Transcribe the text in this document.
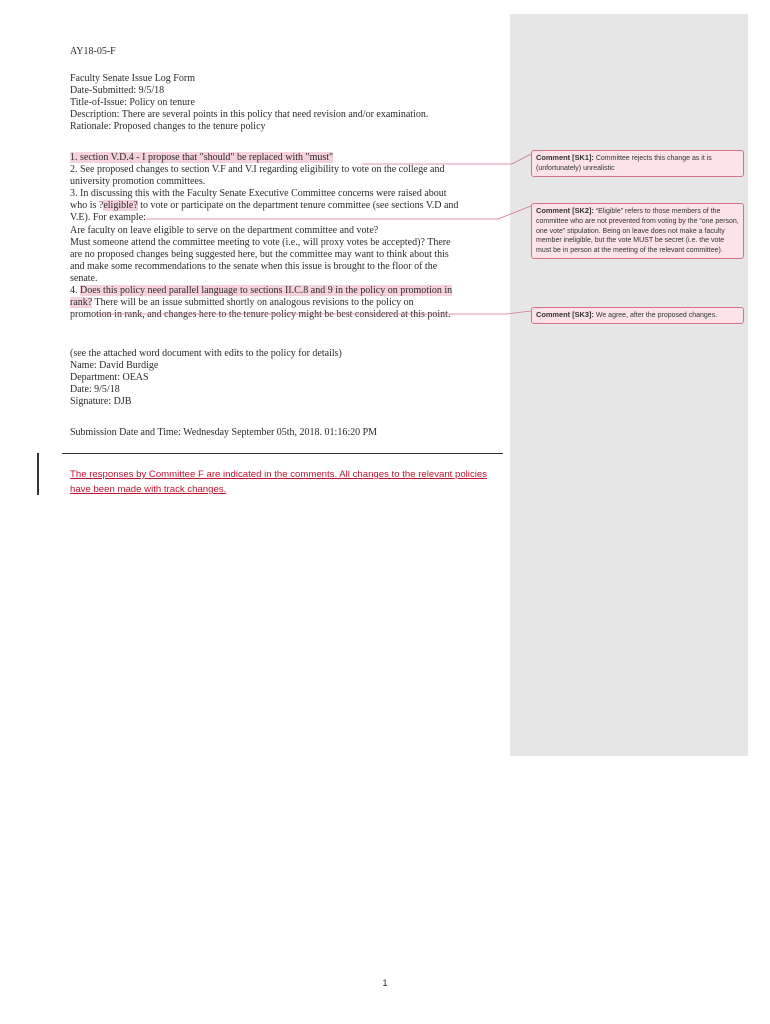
AY18-05-F
Faculty Senate Issue Log Form
Date-Submitted: 9/5/18
Title-of-Issue: Policy on tenure
Description: There are several points in this policy that need revision and/or examination.
Rationale: Proposed changes to the tenure policy
1. section V.D.4 - I propose that "should" be replaced with "must"
2. See proposed changes to section V.F and V.I regarding eligibility to vote on the college and
university promotion committees.
3. In discussing this with the Faculty Senate Executive Committee concerns were raised about
who is ?eligible? to vote or participate on the department tenure committee (see sections V.D and
V.E). For example:
Are faculty on leave eligible to serve on the department committee and vote?
Must someone attend the committee meeting to vote (i.e., will proxy votes be accepted)? There
are no proposed changes being suggested here, but the committee may want to think about this
and make some recommendations to the senate when this issue is brought to the floor of the
senate.
4. Does this policy need parallel language to sections II.C.8 and 9 in the policy on promotion in
rank? There will be an issue submitted shortly on analogous revisions to the policy on
promotion in rank, and changes here to the tenure policy might be best considered at this point.
(see the attached word document with edits to the policy for details)
Name: David Burdige
Department: OEAS
Date: 9/5/18
Signature: DJB
Submission Date and Time: Wednesday September 05th, 2018. 01:16:20 PM
The responses by Committee F are indicated in the comments. All changes to the relevant policies have been made with track changes.
Comment [SK1]: Committee rejects this change as it is (unfortunately) unrealistic
Comment [SK2]: “Eligible” refers to those members of the committee who are not prevented from voting by the “one person, one vote” stipulation. Being on leave does not make a faculty member ineligible, but the vote MUST be secret (i.e. the vote must be in person at the meeting of the relevant committee).
Comment [SK3]: We agree, after the proposed changes.
1
